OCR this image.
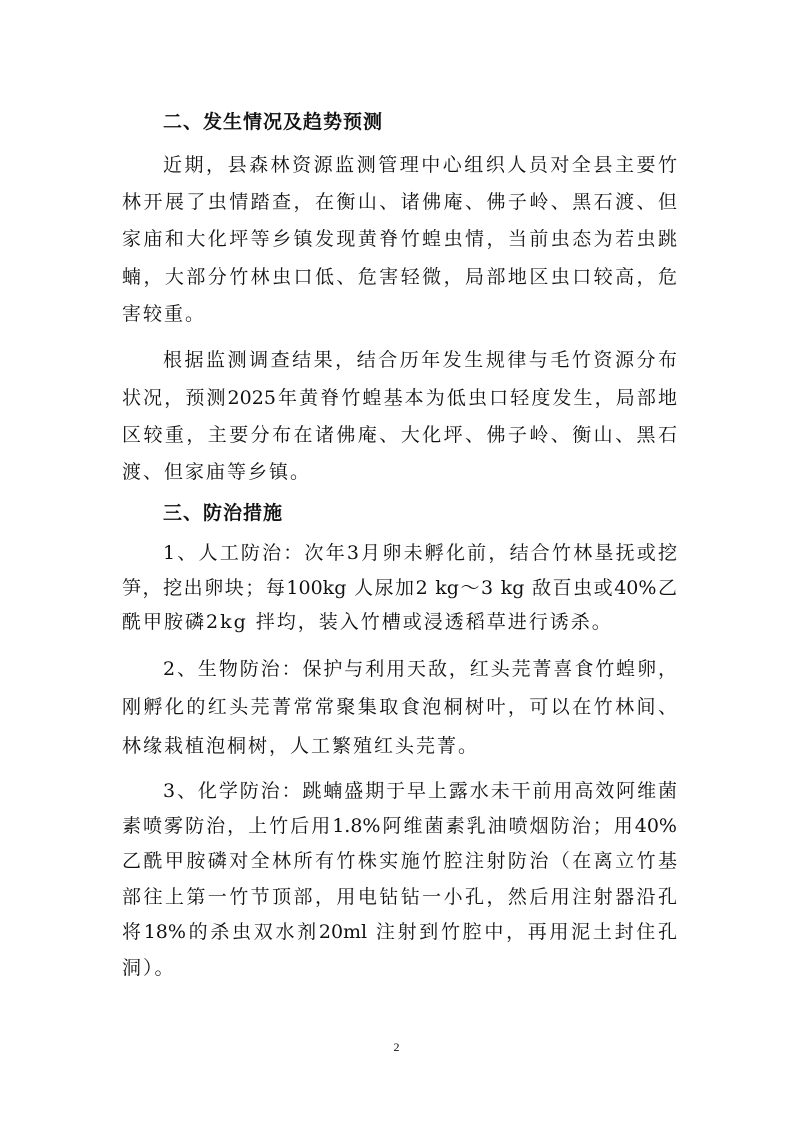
二、发生情况及趋势预测
近期，县森林资源监测管理中心组织人员对全县主要竹
林开展了虫情踏查，在衡山、诸佛庵、佛子岭、黑石渡、但
家庙和大化坪等乡镇发现黄脊竹蝗虫情，当前虫态为若虫跳
蝻，大部分竹林虫口低、危害轻微，局部地区虫口较高，危
害较重。
根据监测调查结果，结合历年发生规律与毛竹资源分布
状况，预测2025年黄脊竹蝗基本为低虫口轻度发生，局部地
区较重，主要分布在诸佛庵、大化坪、佛子岭、衡山、黑石
渡、但家庙等乡镇。
三、防治措施
1、人工防治：次年3月卵未孵化前，结合竹林垦抚或挖
笋，挖出卵块；每100kg 人尿加2 kg～3 kg 敌百虫或40%乙
酰甲胺磷2kg 拌均，装入竹槽或浸透稻草进行诱杀。
2、生物防治：保护与利用天敌，红头芫菁喜食竹蝗卵，
刚孵化的红头芫菁常常聚集取食泡桐树叶，可以在竹林间、
林缘栽植泡桐树，人工繁殖红头芫菁。
3、化学防治：跳蝻盛期于早上露水未干前用高效阿维菌
素喷雾防治，上竹后用1.8%阿维菌素乳油喷烟防治；用40%
乙酰甲胺磷对全林所有竹株实施竹腔注射防治（在离立竹基
部往上第一竹节顶部，用电钻钻一小孔，然后用注射器沿孔
将18%的杀虫双水剂20ml 注射到竹腔中，再用泥土封住孔
洞）。
2
